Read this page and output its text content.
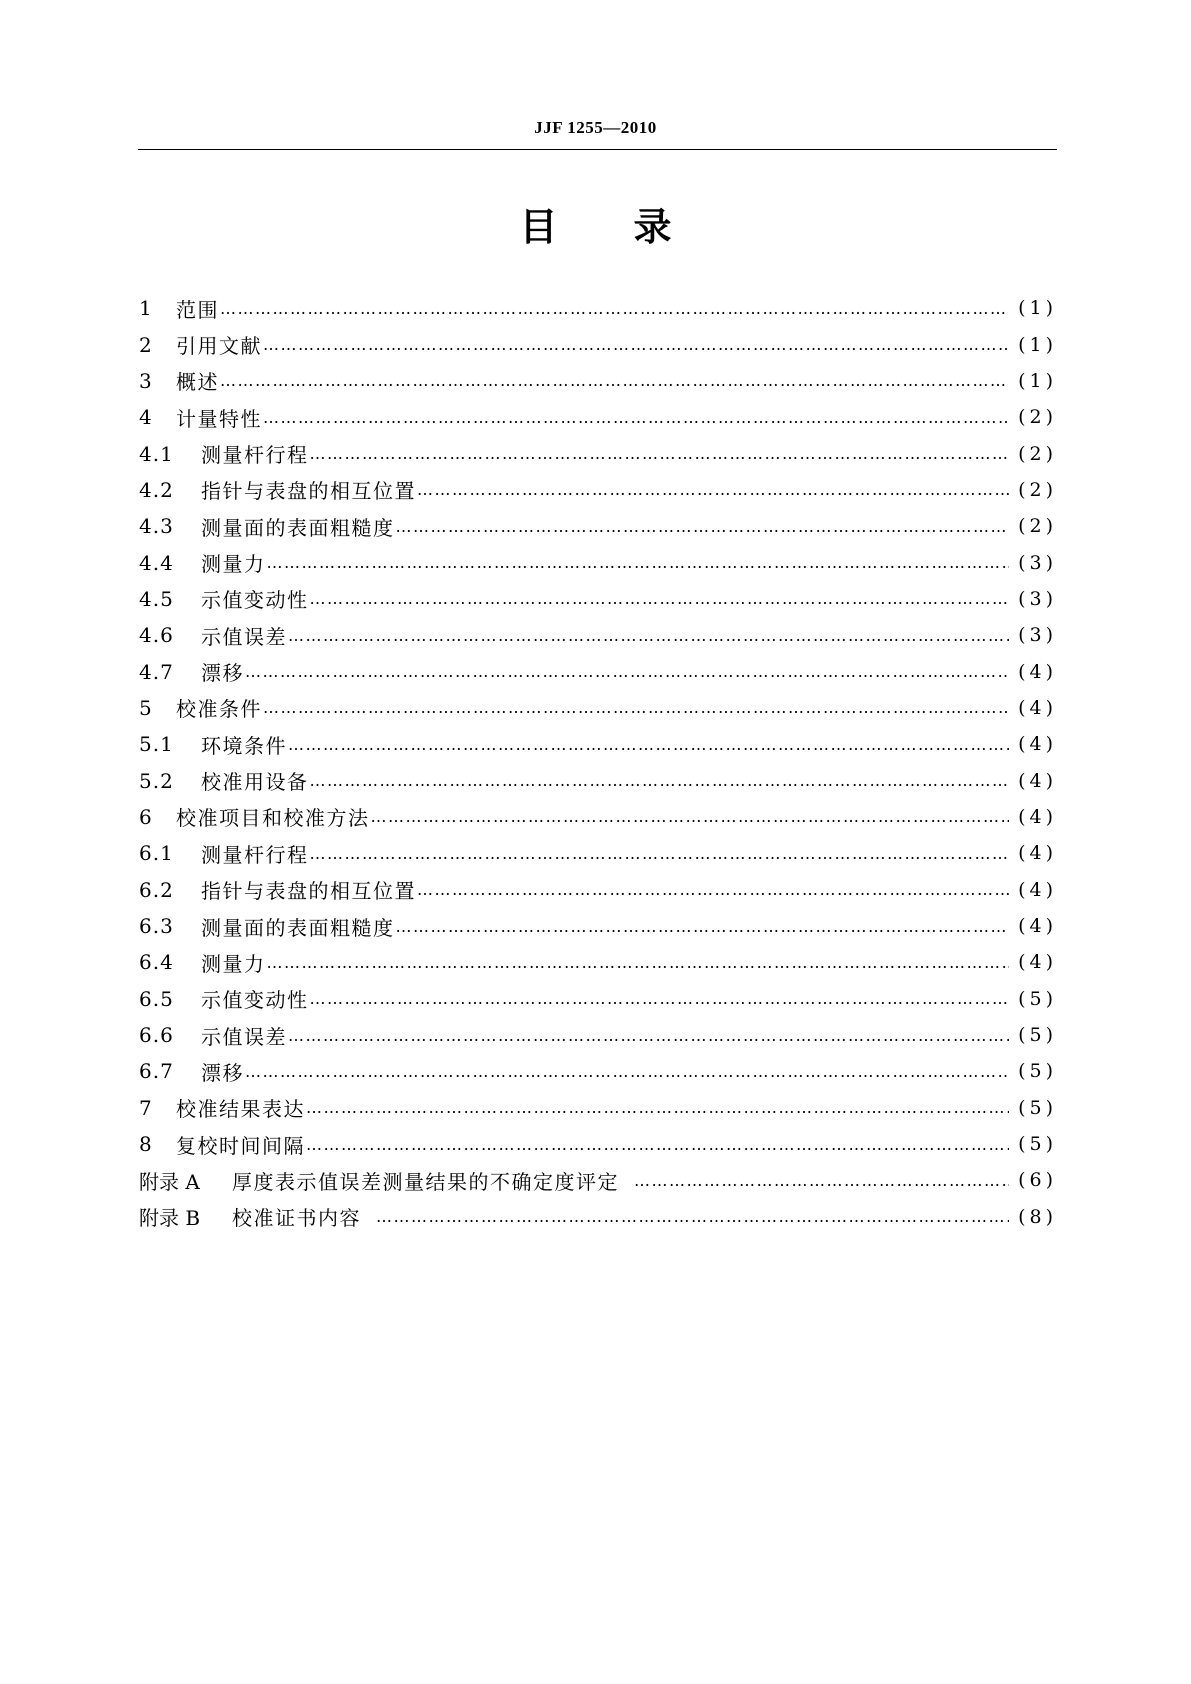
JJF 1255—2010
目 录
1	范围 ………………………………………………………………………………………………………………………………………………………………………………………………………………	(1)
2	引用文献 ………………………………………………………………………………………………………………………………………………………………………………………………………………	(1)
3	概述 ………………………………………………………………………………………………………………………………………………………………………………………………………………	(1)
4	计量特性 ………………………………………………………………………………………………………………………………………………………………………………………………………………	(2)
4.1	测量杆行程 ………………………………………………………………………………………………………………………………………………………………………………………………………………	(2)
4.2	指针与表盘的相互位置 ………………………………………………………………………………………………………………………………………………………………………………………………………………	(2)
4.3	测量面的表面粗糙度 ………………………………………………………………………………………………………………………………………………………………………………………………………………	(2)
4.4	测量力 ………………………………………………………………………………………………………………………………………………………………………………………………………………	(3)
4.5	示值变动性 ………………………………………………………………………………………………………………………………………………………………………………………………………………	(3)
4.6	示值误差 ………………………………………………………………………………………………………………………………………………………………………………………………………………	(3)
4.7	漂移 ………………………………………………………………………………………………………………………………………………………………………………………………………………	(4)
5	校准条件 ………………………………………………………………………………………………………………………………………………………………………………………………………………	(4)
5.1	环境条件 ………………………………………………………………………………………………………………………………………………………………………………………………………………	(4)
5.2	校准用设备 ………………………………………………………………………………………………………………………………………………………………………………………………………………	(4)
6	校准项目和校准方法 ………………………………………………………………………………………………………………………………………………………………………………………………………………	(4)
6.1	测量杆行程 ………………………………………………………………………………………………………………………………………………………………………………………………………………	(4)
6.2	指针与表盘的相互位置 ………………………………………………………………………………………………………………………………………………………………………………………………………………	(4)
6.3	测量面的表面粗糙度 ………………………………………………………………………………………………………………………………………………………………………………………………………………	(4)
6.4	测量力 ………………………………………………………………………………………………………………………………………………………………………………………………………………	(4)
6.5	示值变动性 ………………………………………………………………………………………………………………………………………………………………………………………………………………	(5)
6.6	示值误差 ………………………………………………………………………………………………………………………………………………………………………………………………………………	(5)
6.7	漂移 ………………………………………………………………………………………………………………………………………………………………………………………………………………	(5)
7	校准结果表达 ………………………………………………………………………………………………………………………………………………………………………………………………………………	(5)
8	复校时间间隔 ………………………………………………………………………………………………………………………………………………………………………………………………………………	(5)
附录 A	厚度表示值误差测量结果的不确定度评定 ………………………………………………………………………………………………………………………………………………………………………………………………………………	(6)
附录 B	校准证书内容 ………………………………………………………………………………………………………………………………………………………………………………………………………………	(8)
